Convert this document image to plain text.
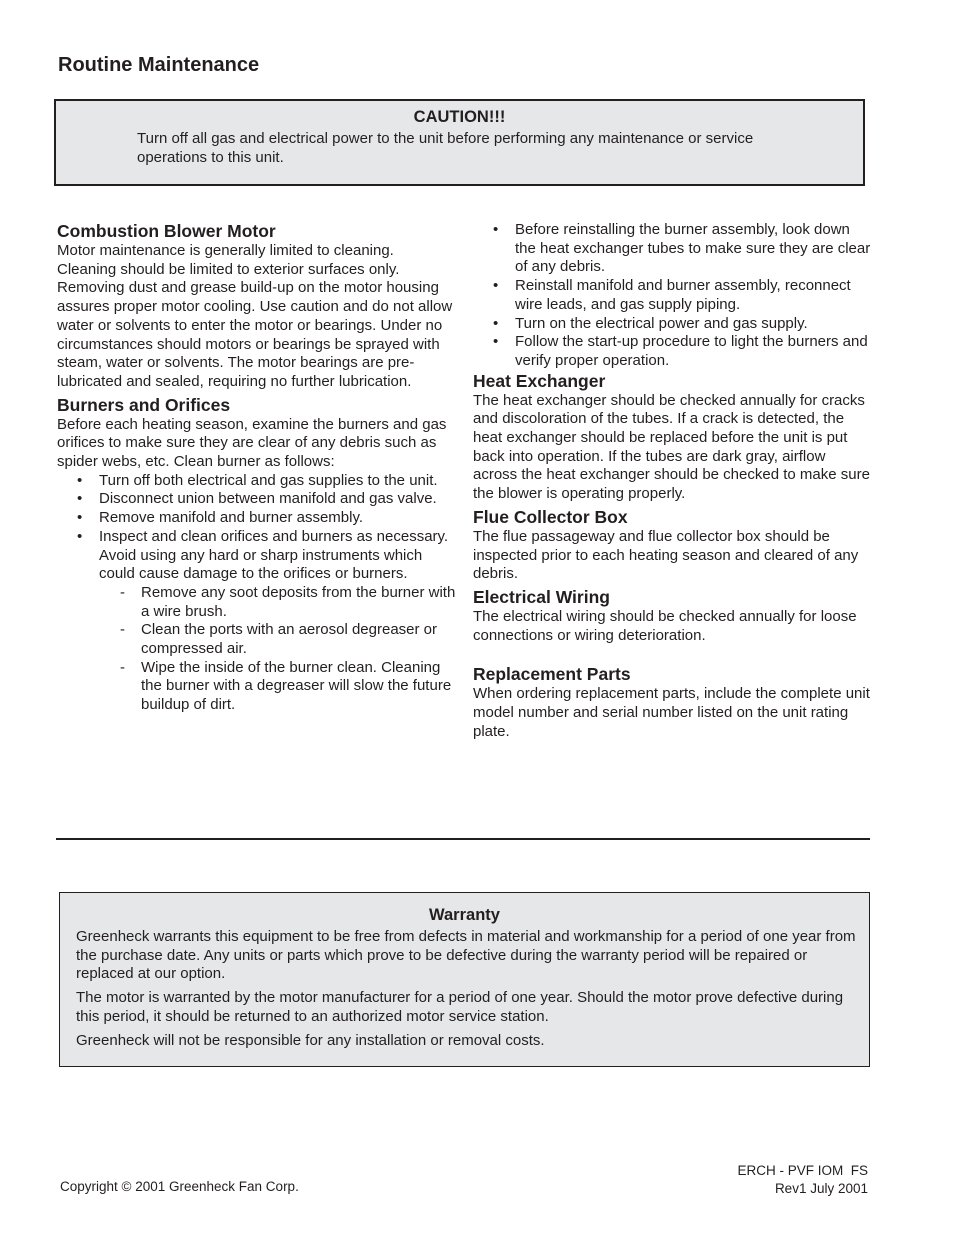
Routine Maintenance
CAUTION!!!
Turn off all gas and electrical power to the unit before performing any maintenance or service operations to this unit.
Combustion Blower Motor

Motor maintenance is generally limited to cleaning. Cleaning should be limited to exterior surfaces only. Removing dust and grease build-up on the motor housing assures proper motor cooling. Use caution and do not allow water or solvents to enter the motor or bearings. Under no circumstances should motors or bearings be sprayed with steam, water or solvents. The motor bearings are pre-lubricated and sealed, requiring no further lubrication.

Burners and Orifices

Before each heating season, examine the burners and gas orifices to make sure they are clear of any debris such as spider webs, etc. Clean burner as follows:

• Turn off both electrical and gas supplies to the unit.
• Disconnect union between manifold and gas valve.
• Remove manifold and burner assembly.
• Inspect and clean orifices and burners as necessary. Avoid using any hard or sharp instruments which could cause damage to the orifices or burners.
- Remove any soot deposits from the burner with a wire brush.
- Clean the ports with an aerosol degreaser or compressed air.
- Wipe the inside of the burner clean. Cleaning the burner with a degreaser will slow the future buildup of dirt.
• Before reinstalling the burner assembly, look down the heat exchanger tubes to make sure they are clear of any debris.
• Reinstall manifold and burner assembly, reconnect wire leads, and gas supply piping.
• Turn on the electrical power and gas supply.
• Follow the start-up procedure to light the burners and verify proper operation.
Heat Exchanger

The heat exchanger should be checked annually for cracks and discoloration of the tubes. If a crack is detected, the heat exchanger should be replaced before the unit is put back into operation. If the tubes are dark gray, airflow across the heat exchanger should be checked to make sure the blower is operating properly.

Flue Collector Box

The flue passageway and flue collector box should be inspected prior to each heating season and cleared of any debris.

Electrical Wiring

The electrical wiring should be checked annually for loose connections or wiring deterioration.

Replacement Parts

When ordering replacement parts, include the complete unit model number and serial number listed on the unit rating plate.

Warranty

Greenheck warrants this equipment to be free from defects in material and workmanship for a period of one year from the purchase date. Any units or parts which prove to be defective during the warranty period will be repaired or replaced at our option.

The motor is warranted by the motor manufacturer for a period of one year. Should the motor prove defective during this period, it should be returned to an authorized motor service station.

Greenheck will not be responsible for any installation or removal costs.

Copyright © 2001 Greenheck Fan Corp.
ERCH - PVF IOM  FS
Rev1 July 2001
